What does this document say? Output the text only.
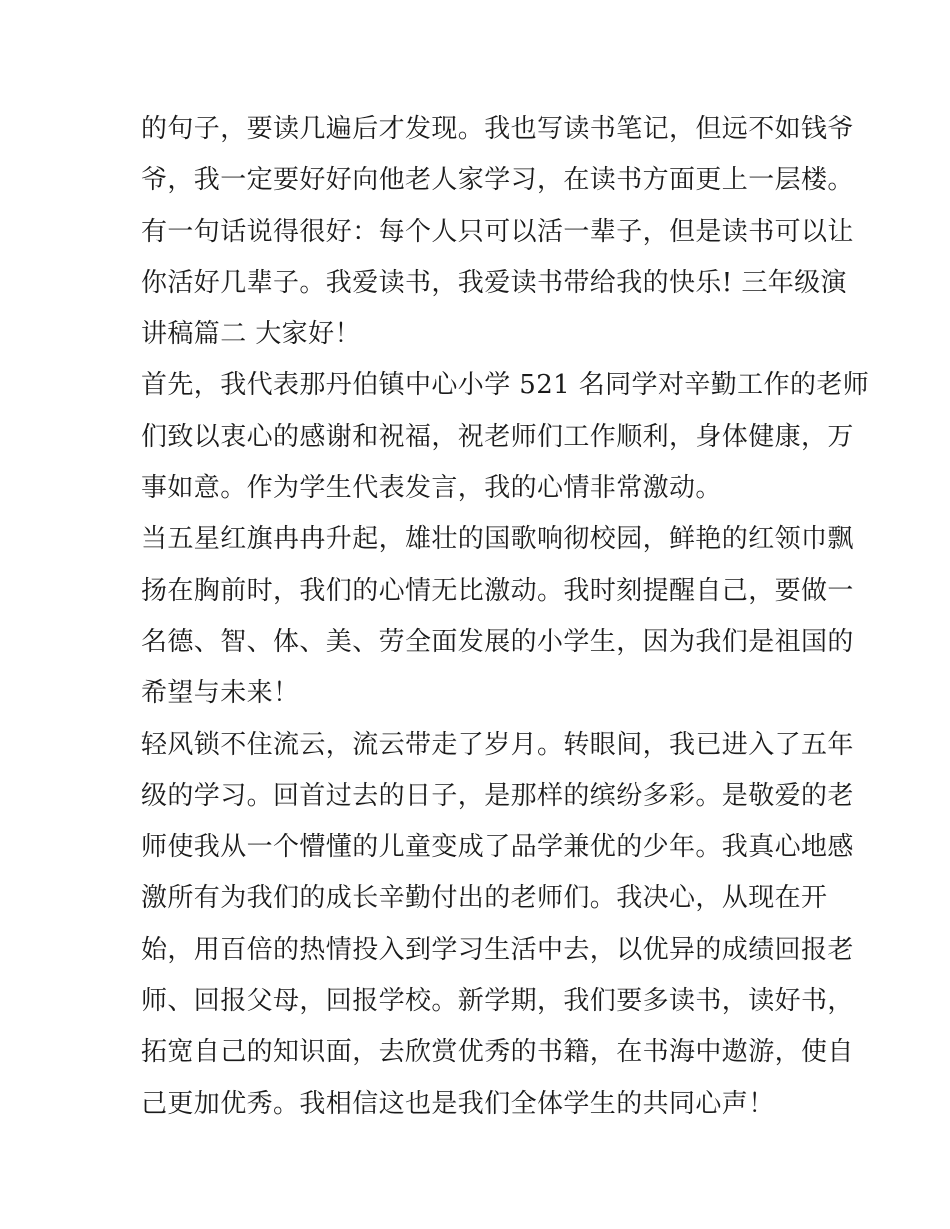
的句子，要读几遍后才发现。我也写读书笔记，但远不如钱爷
爷，我一定要好好向他老人家学习，在读书方面更上一层楼。
有一句话说得很好：每个人只可以活一辈子，但是读书可以让
你活好几辈子。我爱读书，我爱读书带给我的快乐! 三年级演
讲稿篇二 大家好！
首先，我代表那丹伯镇中心小学 521 名同学对辛勤工作的老师
们致以衷心的感谢和祝福，祝老师们工作顺利，身体健康，万
事如意。作为学生代表发言，我的心情非常激动。
当五星红旗冉冉升起，雄壮的国歌响彻校园，鲜艳的红领巾飘
扬在胸前时，我们的心情无比激动。我时刻提醒自己，要做一
名德、智、体、美、劳全面发展的小学生，因为我们是祖国的
希望与未来！
轻风锁不住流云，流云带走了岁月。转眼间，我已进入了五年
级的学习。回首过去的日子，是那样的缤纷多彩。是敬爱的老
师使我从一个懵懂的儿童变成了品学兼优的少年。我真心地感
激所有为我们的成长辛勤付出的老师们。我决心，从现在开
始，用百倍的热情投入到学习生活中去，以优异的成绩回报老
师、回报父母，回报学校。新学期，我们要多读书，读好书，
拓宽自己的知识面，去欣赏优秀的书籍，在书海中遨游，使自
己更加优秀。我相信这也是我们全体学生的共同心声！
